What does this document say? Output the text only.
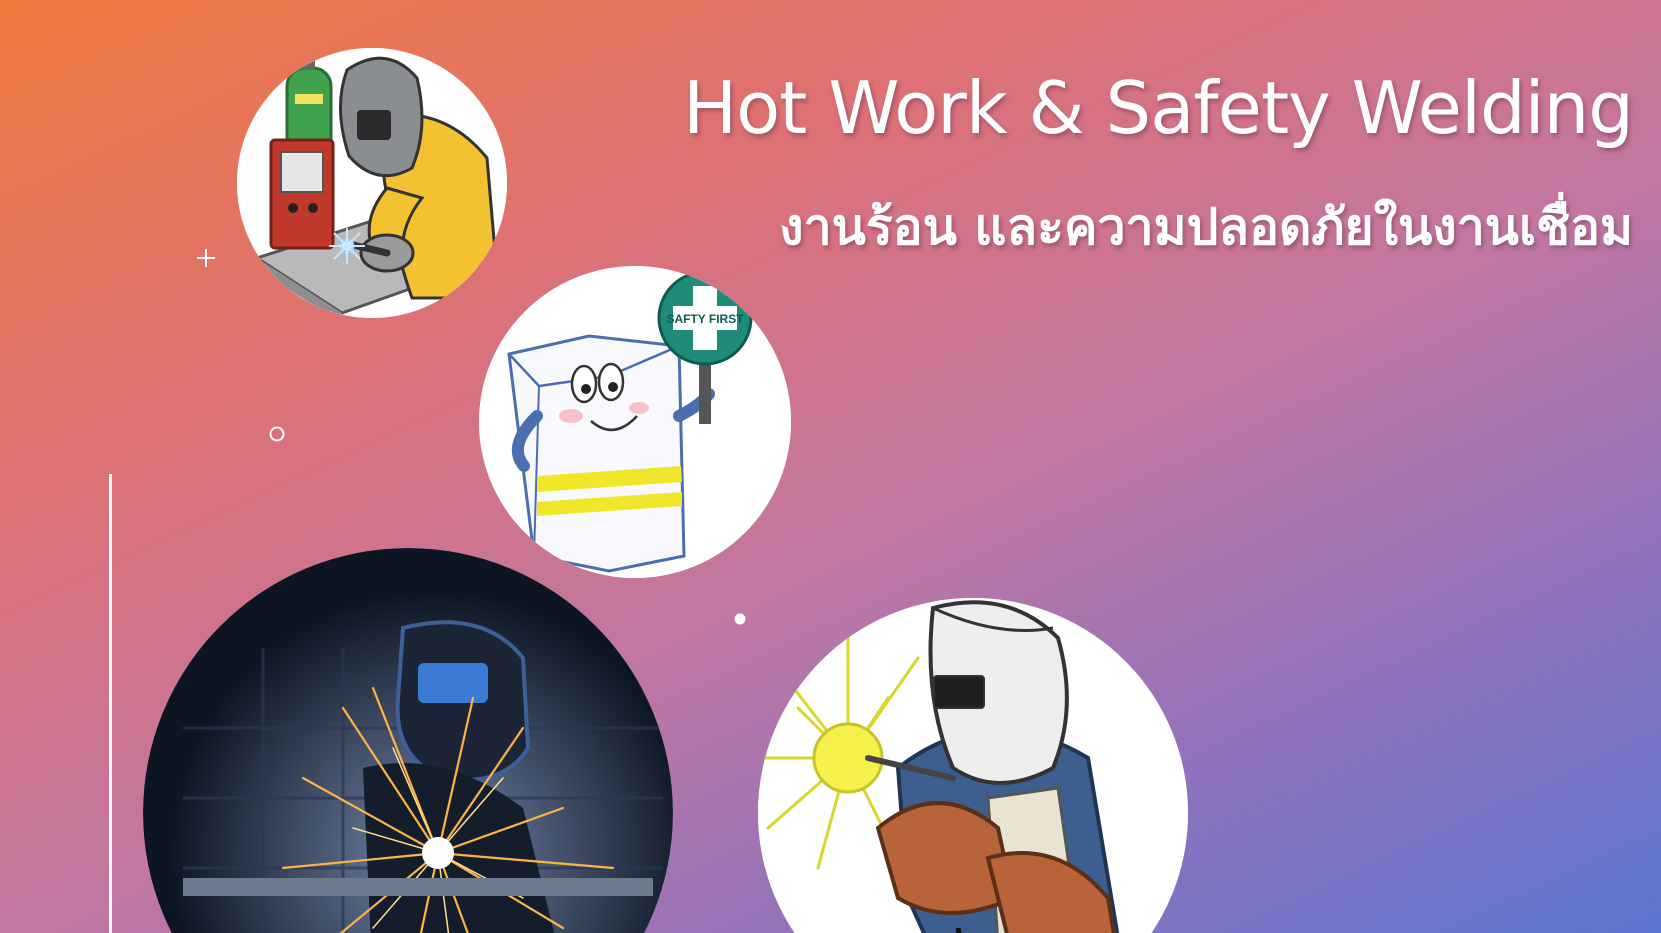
Hot Work & Safety Welding
งานร้อน และความปลอดภัยในงานเชื่อม
SAFTY FIRST
